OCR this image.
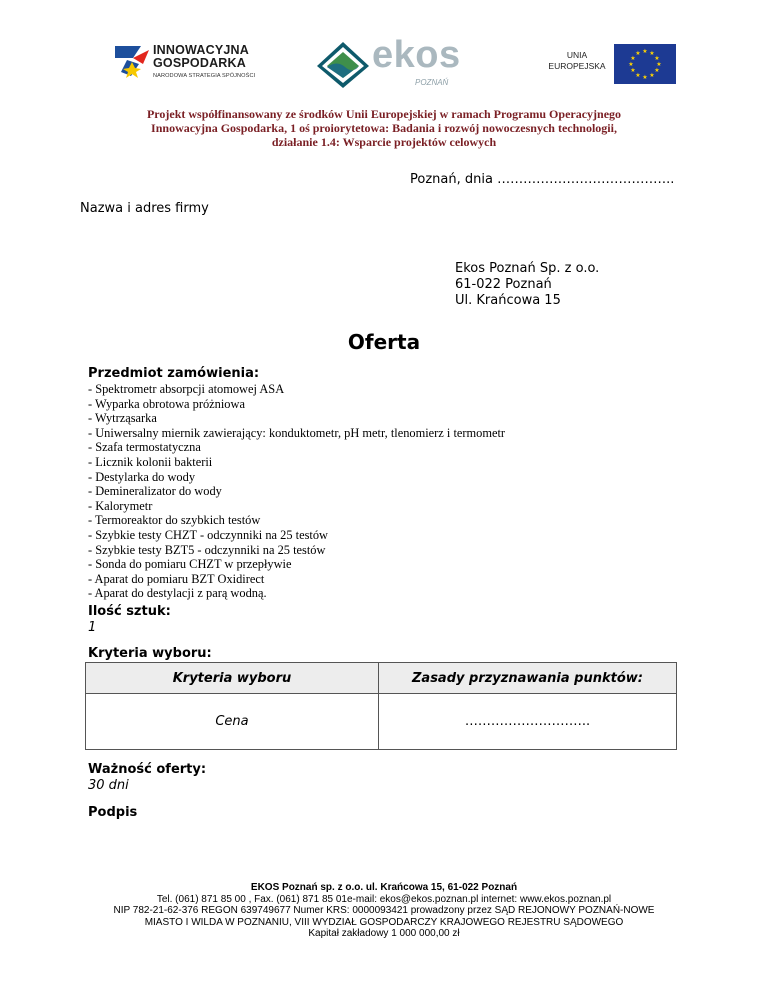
INNOWACYJNA
GOSPODARKA
NARODOWA STRATEGIA SPÓJNOŚCI	ekos
POZNAŃ
UNIA
EUROPEJSKA
★ ★
★
★
★
★
★
★
★
★
★
★
Projekt współfinansowany ze środków Unii Europejskiej w ramach Programu Operacyjnego
Innowacyjna Gospodarka, 1 oś proiorytetowa: Badania i rozwój nowoczesnych technologii,
działanie 1.4: Wsparcie projektów celowych
Poznań, dnia …………………………………..
Nazwa i adres firmy
Ekos Poznań Sp. z o.o.
61-022 Poznań
Ul. Krańcowa 15
Oferta
Przedmiot zamówienia:
- Spektrometr absorpcji atomowej ASA
- Wyparka obrotowa próżniowa
- Wytrząsarka
- Uniwersalny miernik zawierający: konduktometr, pH metr, tlenomierz i termometr
- Szafa termostatyczna
- Licznik kolonii bakterii
- Destylarka do wody
- Demineralizator do wody
- Kalorymetr
- Termoreaktor do szybkich testów
- Szybkie testy CHZT - odczynniki na 25 testów
- Szybkie testy BZT5 - odczynniki na 25 testów
- Sonda do pomiaru CHZT w przepływie
- Aparat do pomiaru BZT Oxidirect
- Aparat do destylacji z parą wodną.
Ilość sztuk:
1
Kryteria wyboru:
Kryteria wyboru	Zasady przyznawania punktów:
Cena	………………………..
Ważność oferty:
30 dni
Podpis
EKOS Poznań sp. z o.o. ul. Krańcowa 15, 61-022 Poznań
Tel. (061) 871 85 00 , Fax. (061) 871 85 01e-mail: ekos@ekos.poznan.pl internet: www.ekos.poznan.pl
NIP 782-21-62-376 REGON 639749677 Numer KRS: 0000093421 prowadzony przez SĄD REJONOWY POZNAŃ-NOWE
MIASTO I WILDA W POZNANIU, VIII WYDZIAŁ GOSPODARCZY KRAJOWEGO REJESTRU SĄDOWEGO
Kapitał zakładowy 1 000 000,00 zł
